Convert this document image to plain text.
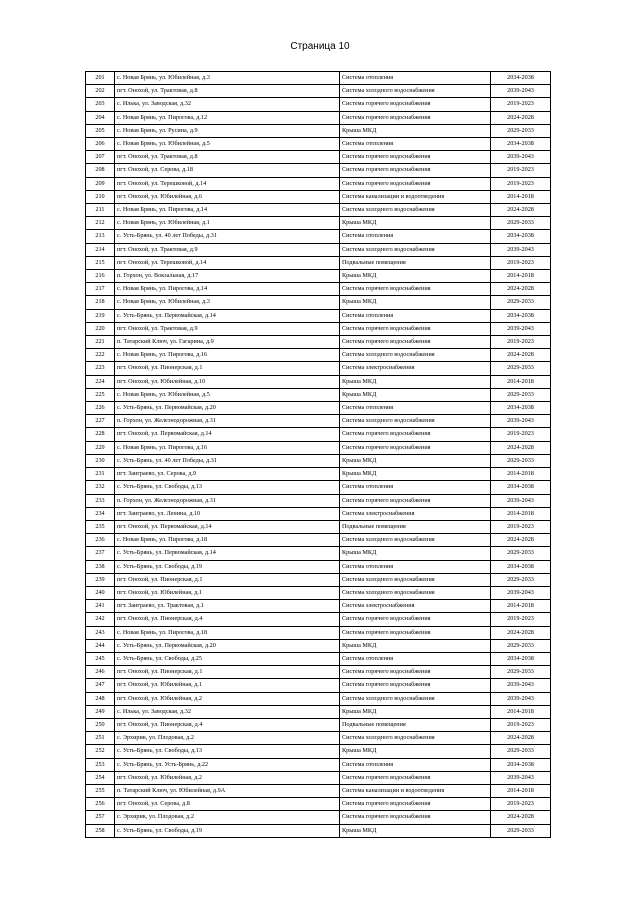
Страница 10
201	с. Новая Брянь, ул. Юбилейная, д.3	Система отопления	2034-2038
202	пгт. Онохой, ул. Трактовая, д.8	Система холодного водоснабжения	2039-2043
203	с. Илька, ул. Заводская, д.32	Система горячего водоснабжения	2019-2023
204	с. Новая Брянь, ул. Пирогова, д.12	Система горячего водоснабжения	2024-2028
205	с. Новая Брянь, ул. Русина, д.9	Крыша МКД	2029-2033
206	с. Новая Брянь, ул. Юбилейная, д.5	Система отопления	2034-2038
207	пгт. Онохой, ул. Трактовая, д.8	Система горячего водоснабжения	2039-2043
208	пгт. Онохой, ул. Серова, д.18	Система горячего водоснабжения	2019-2023
209	пгт. Онохой, ул. Терешковой, д.14	Система горячего водоснабжения	2019-2023
210	пгт. Онохой, ул. Юбилейная, д.6	Система канализации и водоотведения	2014-2018
211	с. Новая Брянь, ул. Пирогова, д.14	Система холодного водоснабжения	2024-2028
212	с. Новая Брянь, ул. Юбилейная, д.1	Крыша МКД	2029-2033
213	с. Усть-Брянь, ул. 40 лет Победы, д.31	Система отопления	2034-2038
214	пгт. Онохой, ул. Трактовая, д.9	Система холодного водоснабжения	2039-2043
215	пгт. Онохой, ул. Терешковой, д.14	Подвальные помещения	2019-2023
216	п. Горхон, ул. Вокзальная, д.17	Крыша МКД	2014-2018
217	с. Новая Брянь, ул. Пирогова, д.14	Система горячего водоснабжения	2024-2028
218	с. Новая Брянь, ул. Юбилейная, д.3	Крыша МКД	2029-2033
219	с. Усть-Брянь, ул. Первомайская, д.14	Система отопления	2034-2038
220	пгт. Онохой, ул. Трактовая, д.9	Система горячего водоснабжения	2039-2043
221	п. Татарский Ключ, ул. Гагарина, д.9	Система горячего водоснабжения	2019-2023
222	с. Новая Брянь, ул. Пирогова, д.16	Система холодного водоснабжения	2024-2028
223	пгт. Онохой, ул. Пионерская, д.1	Система электроснабжения	2029-2033
224	пгт. Онохой, ул. Юбилейная, д.10	Крыша МКД	2014-2018
225	с. Новая Брянь, ул. Юбилейная, д.5	Крыша МКД	2029-2033
226	с. Усть-Брянь, ул. Первомайская, д.20	Система отопления	2034-2038
227	п. Горхон, ул. Железнодорожная, д.31	Система холодного водоснабжения	2039-2043
228	пгт. Онохой, ул. Первомайская, д.14	Система горячего водоснабжения	2019-2023
229	с. Новая Брянь, ул. Пирогова, д.16	Система горячего водоснабжения	2024-2028
230	с. Усть-Брянь, ул. 40 лет Победы, д.31	Крыша МКД	2029-2033
231	пгт. Заиграево, ул. Серова, д.9	Крыша МКД	2014-2018
232	с. Усть-Брянь, ул. Свободы, д.13	Система отопления	2034-2038
233	п. Горхон, ул. Железнодорожная, д.31	Система горячего водоснабжения	2039-2043
234	пгт. Заиграево, ул. Ленина, д.10	Система электроснабжения	2014-2018
235	пгт. Онохой, ул. Первомайская, д.14	Подвальные помещения	2019-2023
236	с. Новая Брянь, ул. Пирогова, д.18	Система холодного водоснабжения	2024-2028
237	с. Усть-Брянь, ул. Первомайская, д.14	Крыша МКД	2029-2033
238	с. Усть-Брянь, ул. Свободы, д.19	Система отопления	2034-2038
239	пгт. Онохой, ул. Пионерская, д.1	Система холодного водоснабжения	2029-2033
240	пгт. Онохой, ул. Юбилейная, д.1	Система холодного водоснабжения	2039-2043
241	пгт. Заиграево, ул. Трактовая, д.1	Система электроснабжения	2014-2018
242	пгт. Онохой, ул. Пионерская, д.4	Система горячего водоснабжения	2019-2023
243	с. Новая Брянь, ул. Пирогова, д.18	Система горячего водоснабжения	2024-2028
244	с. Усть-Брянь, ул. Первомайская, д.20	Крыша МКД	2029-2033
245	с. Усть-Брянь, ул. Свободы, д.25	Система отопления	2034-2038
246	пгт. Онохой, ул. Пионерская, д.1	Система горячего водоснабжения	2029-2033
247	пгт. Онохой, ул. Юбилейная, д.1	Система горячего водоснабжения	2039-2043
248	пгт. Онохой, ул. Юбилейная, д.2	Система холодного водоснабжения	2039-2043
249	с. Илька, ул. Заводская, д.32	Крыша МКД	2014-2018
250	пгт. Онохой, ул. Пионерская, д.4	Подвальные помещения	2019-2023
251	с. Эрхирик, ул. Плодовая, д.2	Система холодного водоснабжения	2024-2028
252	с. Усть-Брянь, ул. Свободы, д.13	Крыша МКД	2029-2033
253	с. Усть-Брянь, ул. Усть-Брянь, д.22	Система отопления	2034-2038
254	пгт. Онохой, ул. Юбилейная, д.2	Система горячего водоснабжения	2039-2043
255	п. Татарский Ключ, ул. Юбилейная, д.9А	Система канализации и водоотведения	2014-2018
256	пгт. Онохой, ул. Серова, д.8	Система горячего водоснабжения	2019-2023
257	с. Эрхирик, ул. Плодовая, д.2	Система горячего водоснабжения	2024-2028
258	с. Усть-Брянь, ул. Свободы, д.19	Крыша МКД	2029-2033
